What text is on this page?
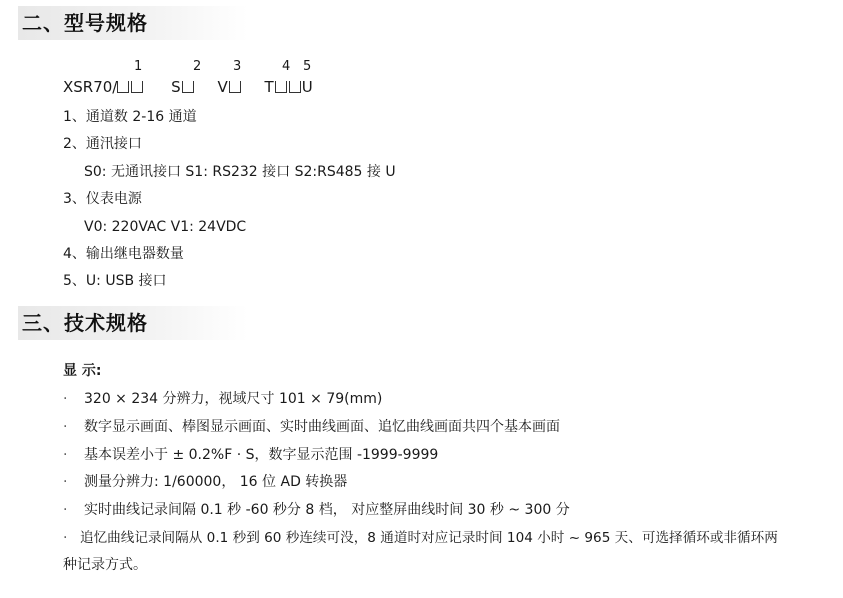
二、型号规格
1	2 3	4 5
XSR70/	S V T U
1、通道数 2-16 通道
2、通汛接口
S0: 无通讯接口 S1: RS232 接口 S2:RS485 接 U
3、仪表电源
V0: 220VAC V1: 24VDC
4、输出继电器数量
5、U: USB 接口
三、技术规格
显 示:
· 320 × 234 分辨力，视域尺寸 101 × 79(mm)
· 数字显示画面、棒图显示画面、实时曲线画面、追忆曲线画面共四个基本画面
· 基本误差小于 ± 0.2%F · S，数字显示范围 -1999-9999
· 测量分辨力: 1/60000， 16 位 AD 转换器
· 实时曲线记录间隔 0.1 秒 -60 秒分 8 档， 对应整屏曲线时间 30 秒 ~ 300 分
· 追忆曲线记录间隔从 0.1 秒到 60 秒连续可没，8 通道时对应记录时间 104 小时 ~ 965 天、可选择循环或非循环两
种记录方式。
